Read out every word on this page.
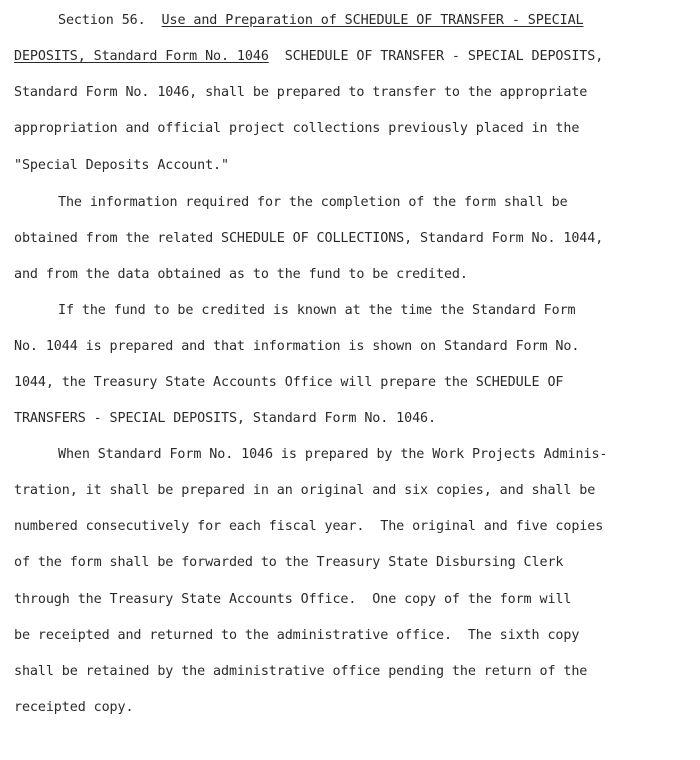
Section 56. Use and Preparation of SCHEDULE OF TRANSFER - SPECIAL
DEPOSITS, Standard Form No. 1046 SCHEDULE OF TRANSFER - SPECIAL DEPOSITS,
Standard Form No. 1046, shall be prepared to transfer to the appropriate
appropriation and official project collections previously placed in the
"Special Deposits Account."
The information required for the completion of the form shall be
obtained from the related SCHEDULE OF COLLECTIONS, Standard Form No. 1044,
and from the data obtained as to the fund to be credited.
If the fund to be credited is known at the time the Standard Form
No. 1044 is prepared and that information is shown on Standard Form No.
1044, the Treasury State Accounts Office will prepare the SCHEDULE OF
TRANSFERS - SPECIAL DEPOSITS, Standard Form No. 1046.
When Standard Form No. 1046 is prepared by the Work Projects Adminis-
tration, it shall be prepared in an original and six copies, and shall be
numbered consecutively for each fiscal year.  The original and five copies
of the form shall be forwarded to the Treasury State Disbursing Clerk
through the Treasury State Accounts Office.  One copy of the form will
be receipted and returned to the administrative office.  The sixth copy
shall be retained by the administrative office pending the return of the
receipted copy.
